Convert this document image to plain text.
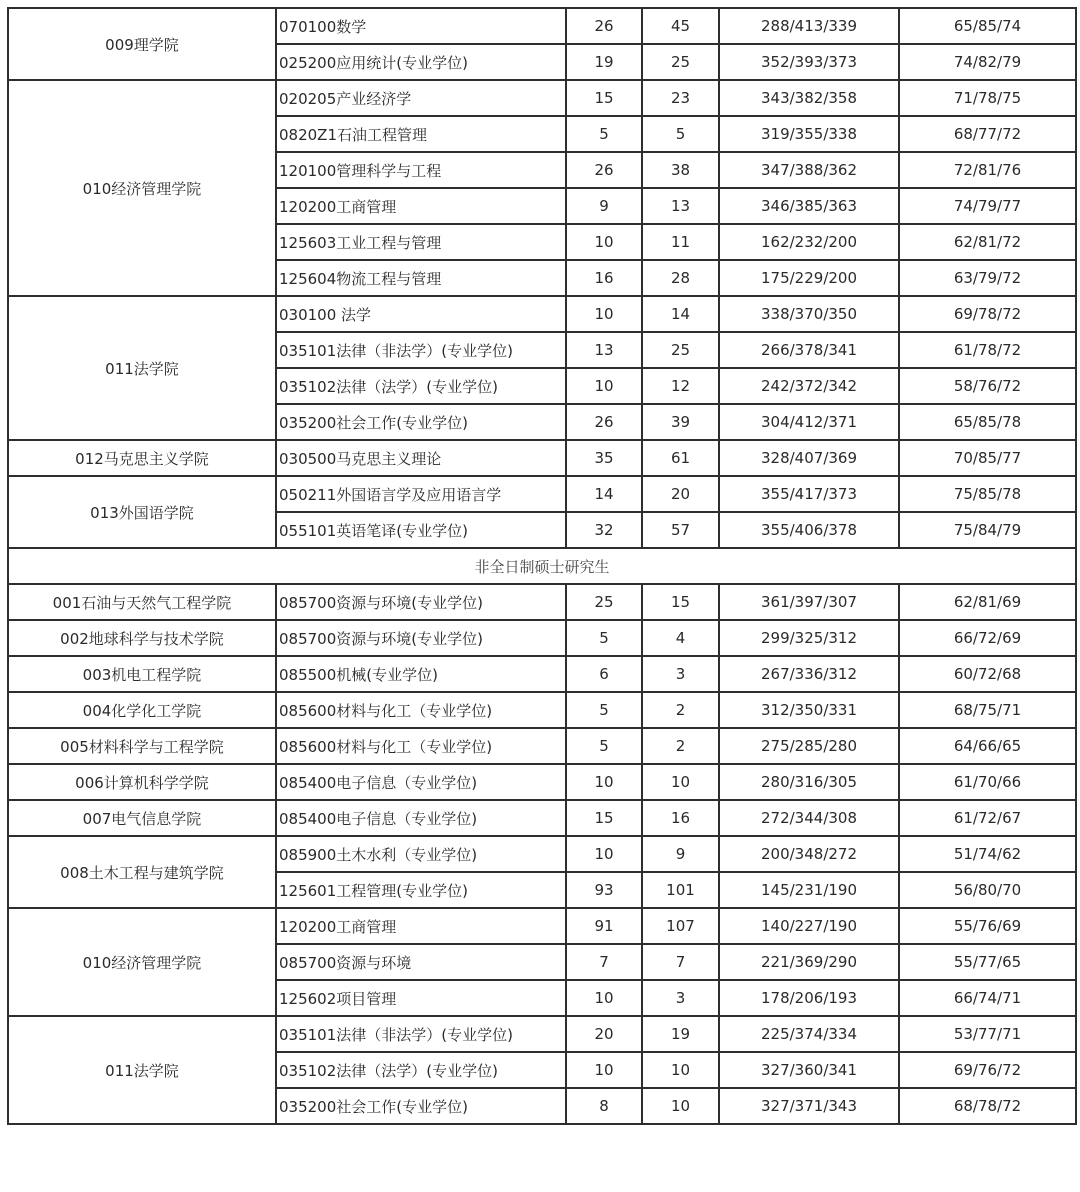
009理学院	070100数学	26	45	288/413/339	65/85/74
	025200应用统计(专业学位)	19	25	352/393/373	74/82/79
010经济管理学院	020205产业经济学	15	23	343/382/358	71/78/75
	0820Z1石油工程管理	5	5	319/355/338	68/77/72
	120100管理科学与工程	26	38	347/388/362	72/81/76
	120200工商管理	9	13	346/385/363	74/79/77
	125603工业工程与管理	10	11	162/232/200	62/81/72
	125604物流工程与管理	16	28	175/229/200	63/79/72
011法学院	030100 法学	10	14	338/370/350	69/78/72
	035101法律（非法学）(专业学位)	13	25	266/378/341	61/78/72
	035102法律（法学）(专业学位)	10	12	242/372/342	58/76/72
	035200社会工作(专业学位)	26	39	304/412/371	65/85/78
012马克思主义学院	030500马克思主义理论	35	61	328/407/369	70/85/77
013外国语学院	050211外国语言学及应用语言学	14	20	355/417/373	75/85/78
	055101英语笔译(专业学位)	32	57	355/406/378	75/84/79
非全日制硕士研究生					
001石油与天然气工程学院	085700资源与环境(专业学位)	25	15	361/397/307	62/81/69
002地球科学与技术学院	085700资源与环境(专业学位)	5	4	299/325/312	66/72/69
003机电工程学院	085500机械(专业学位)	6	3	267/336/312	60/72/68
004化学化工学院	085600材料与化工（专业学位)	5	2	312/350/331	68/75/71
005材料科学与工程学院	085600材料与化工（专业学位)	5	2	275/285/280	64/66/65
006计算机科学学院	085400电子信息（专业学位)	10	10	280/316/305	61/70/66
007电气信息学院	085400电子信息（专业学位)	15	16	272/344/308	61/72/67
008土木工程与建筑学院	085900土木水利（专业学位)	10	9	200/348/272	51/74/62
	125601工程管理(专业学位)	93	101	145/231/190	56/80/70
010经济管理学院	120200工商管理	91	107	140/227/190	55/76/69
	085700资源与环境	7	7	221/369/290	55/77/65
	125602项目管理	10	3	178/206/193	66/74/71
011法学院	035101法律（非法学）(专业学位)	20	19	225/374/334	53/77/71
	035102法律（法学）(专业学位)	10	10	327/360/341	69/76/72
	035200社会工作(专业学位)	8	10	327/371/343	68/78/72
